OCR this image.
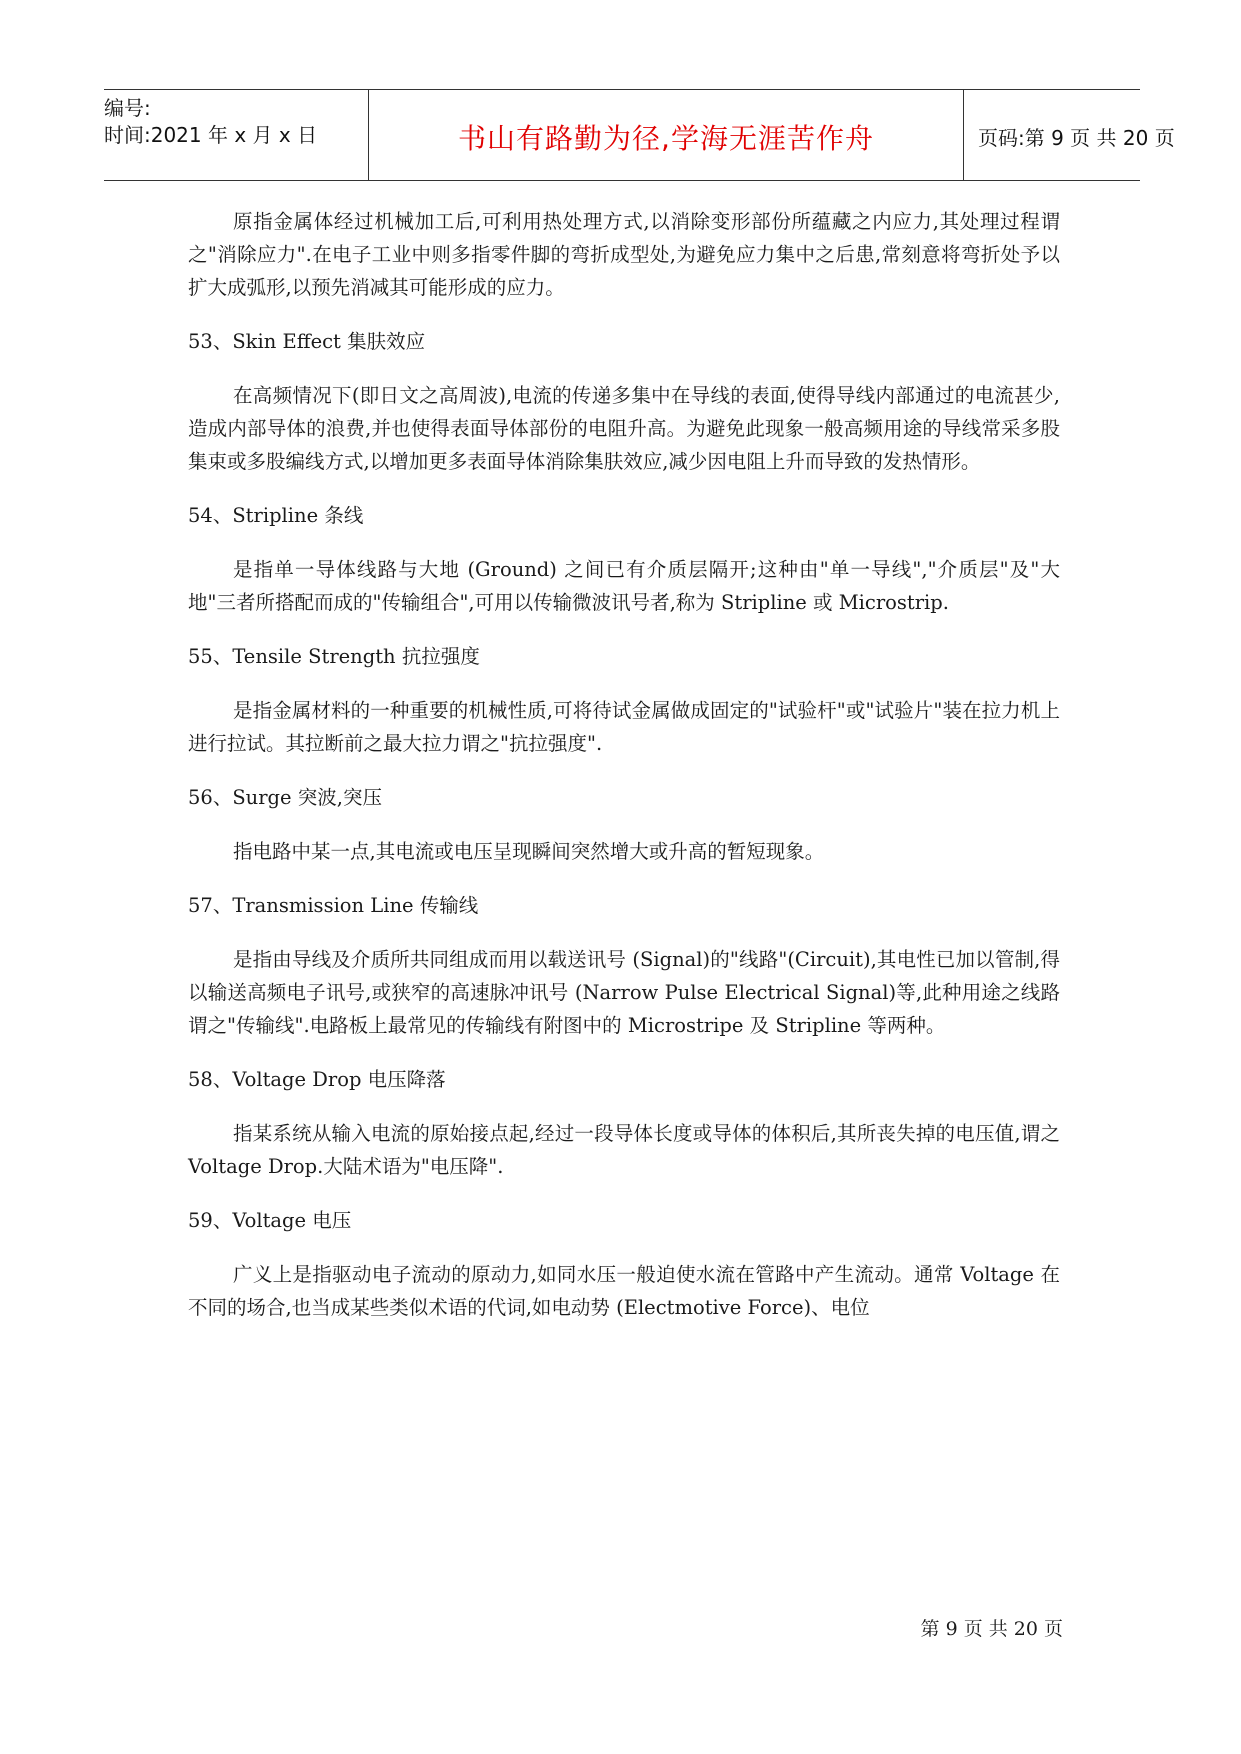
编号:
时间:2021 年 x 月 x 日	书山有路勤为径,学海无涯苦作舟	页码:第 9 页 共 20 页

原指金属体经过机械加工后,可利用热处理方式,以消除变形部份所蕴藏之内应力,其处理过程谓之"消除应力".在电子工业中则多指零件脚的弯折成型处,为避免应力集中之后患,常刻意将弯折处予以扩大成弧形,以预先消减其可能形成的应力。

53、Skin Effect 集肤效应

在高频情况下(即日文之高周波),电流的传递多集中在导线的表面,使得导线内部通过的电流甚少,造成内部导体的浪费,并也使得表面导体部份的电阻升高。为避免此现象一般高频用途的导线常采多股集束或多股编线方式,以增加更多表面导体消除集肤效应,减少因电阻上升而导致的发热情形。

54、Stripline 条线

是指单一导体线路与大地 (Ground) 之间已有介质层隔开;这种由"单一导线","介质层"及"大地"三者所搭配而成的"传输组合",可用以传输微波讯号者,称为 Stripline 或 Microstrip.

55、Tensile Strength 抗拉强度

是指金属材料的一种重要的机械性质,可将待试金属做成固定的"试验杆"或"试验片"装在拉力机上进行拉试。其拉断前之最大拉力谓之"抗拉强度".

56、Surge 突波,突压

指电路中某一点,其电流或电压呈现瞬间突然增大或升高的暂短现象。

57、Transmission Line 传输线

是指由导线及介质所共同组成而用以载送讯号 (Signal)的"线路"(Circuit),其电性已加以管制,得以输送高频电子讯号,或狭窄的高速脉冲讯号 (Narrow Pulse Electrical Signal)等,此种用途之线路谓之"传输线".电路板上最常见的传输线有附图中的 Microstripe 及 Stripline 等两种。

58、Voltage Drop 电压降落

指某系统从输入电流的原始接点起,经过一段导体长度或导体的体积后,其所丧失掉的电压值,谓之 Voltage Drop.大陆术语为"电压降".

59、Voltage 电压

广义上是指驱动电子流动的原动力,如同水压一般迫使水流在管路中产生流动。通常 Voltage 在不同的场合,也当成某些类似术语的代词,如电动势 (Electmotive Force)、电位

第 9 页 共 20 页
